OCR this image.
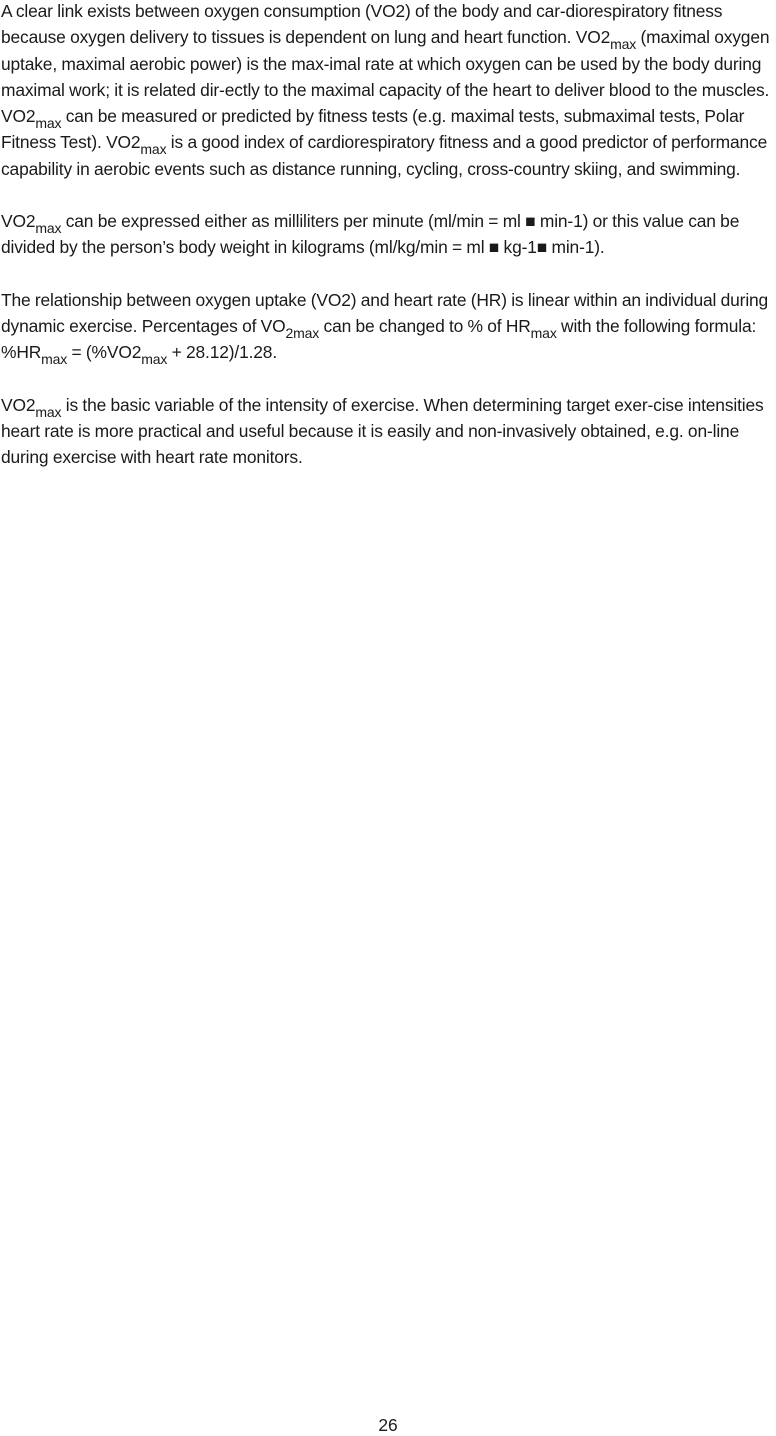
A clear link exists between oxygen consumption (VO2) of the body and car-diorespiratory fitness because oxygen delivery to tissues is dependent on lung and heart function. $VO2_{max}$ (maximal oxygen uptake, maximal aerobic power) is the max-imal rate at which oxygen can be used by the body during maximal work; it is related dir-ectly to the maximal capacity of the heart to deliver blood to the muscles. $VO2_{max}$ can be measured or predicted by fitness tests (e.g. maximal tests, submaximal tests, Polar Fitness Test). $VO2_{max}$ is a good index of cardiorespiratory fitness and a good predictor of performance capability in aerobic events such as distance running, cycling, cross-country skiing, and swimming.

$VO2_{max}$ can be expressed either as milliliters per minute (ml/min = ml ■ min-1) or this value can be divided by the person’s body weight in kilograms (ml/kg/min = ml ■ kg-1■ min-1).

The relationship between oxygen uptake (VO2) and heart rate (HR) is linear within an individual during dynamic exercise. Percentages of $VO_{2max}$ can be changed to % of $HR_{max}$ with the following formula: $\%HR_{max} = (\%VO2_{max} + 28.12)/1.28$.

$VO2_{max}$ is the basic variable of the intensity of exercise. When determining target exer-cise intensities heart rate is more practical and useful because it is easily and non-invasively obtained, e.g. on-line during exercise with heart rate monitors.

26
